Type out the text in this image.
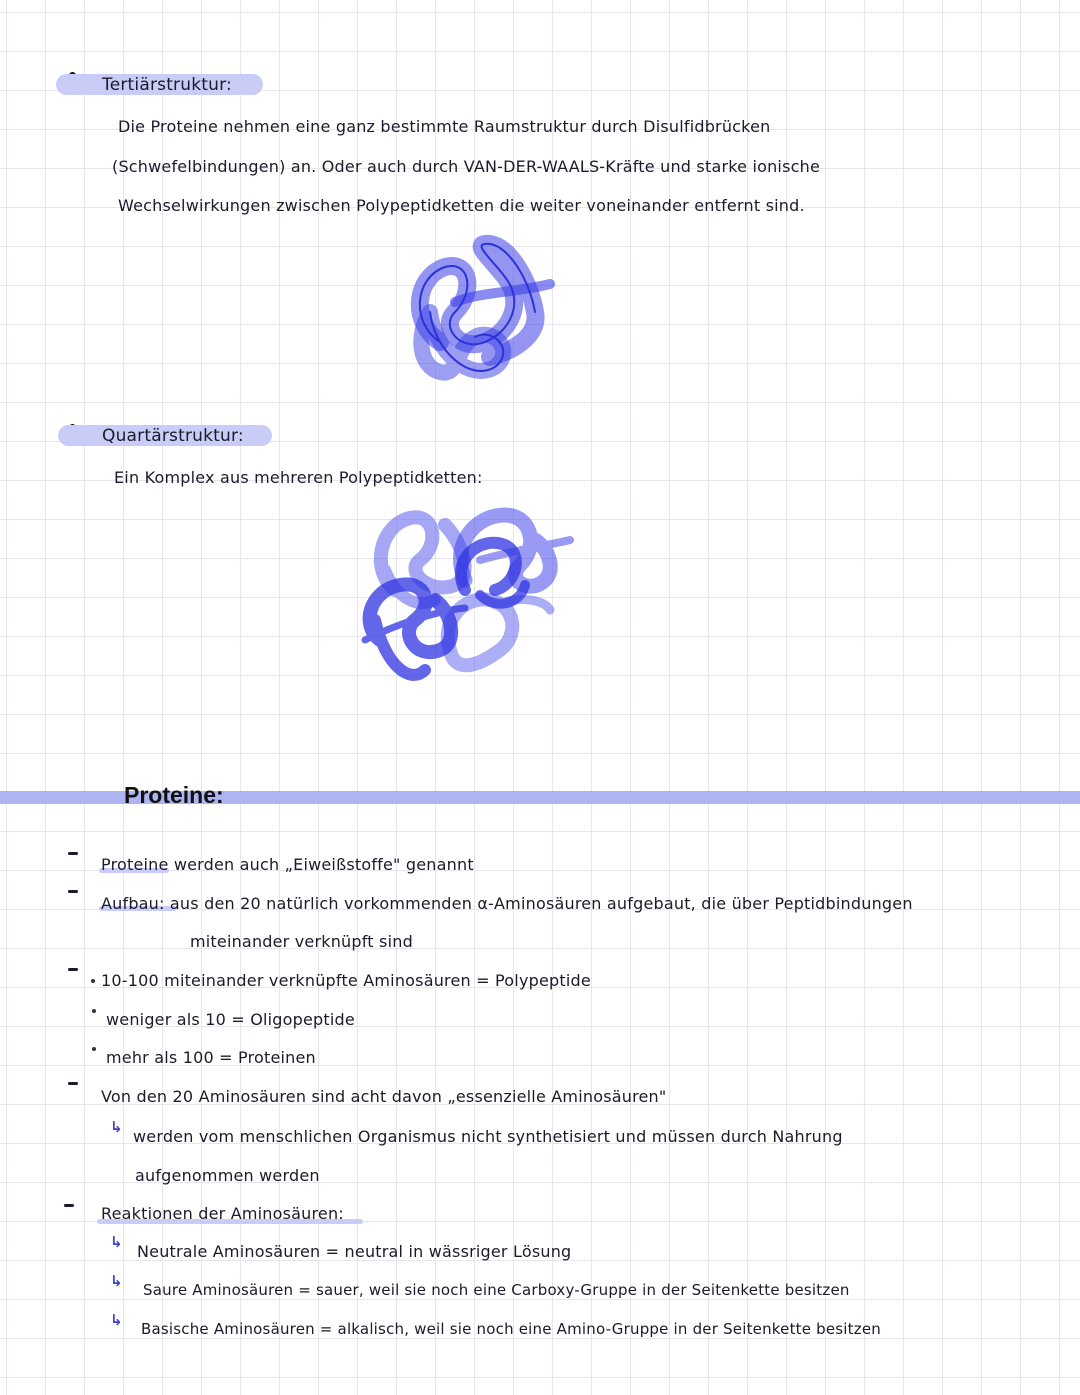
Tertiärstruktur:
Die Proteine nehmen eine ganz bestimmte Raumstruktur durch Disulfidbrücken
(Schwefelbindungen) an. Oder auch durch VAN-DER-WAALS-Kräfte und starke ionische
Wechselwirkungen zwischen Polypeptidketten die weiter voneinander entfernt sind.
Quartärstruktur:
Ein Komplex aus mehreren Polypeptidketten:
Proteine:
Proteine werden auch „Eiweißstoffe" genannt
Aufbau: aus den 20 natürlich vorkommenden α-Aminosäuren aufgebaut, die über Peptidbindungen
miteinander verknüpft sind
10-100 miteinander verknüpfte Aminosäuren = Polypeptide
weniger als 10 = Oligopeptide
mehr als 100 = Proteinen
Von den 20 Aminosäuren sind acht davon „essenzielle Aminosäuren"
↳ werden vom menschlichen Organismus nicht synthetisiert und müssen durch Nahrung
aufgenommen werden
Reaktionen der Aminosäuren:
↳ Neutrale Aminosäuren = neutral in wässriger Lösung
↳ Saure Aminosäuren = sauer, weil sie noch eine Carboxy-Gruppe in der Seitenkette besitzen
↳ Basische Aminosäuren = alkalisch, weil sie noch eine Amino-Gruppe in der Seitenkette besitzen
